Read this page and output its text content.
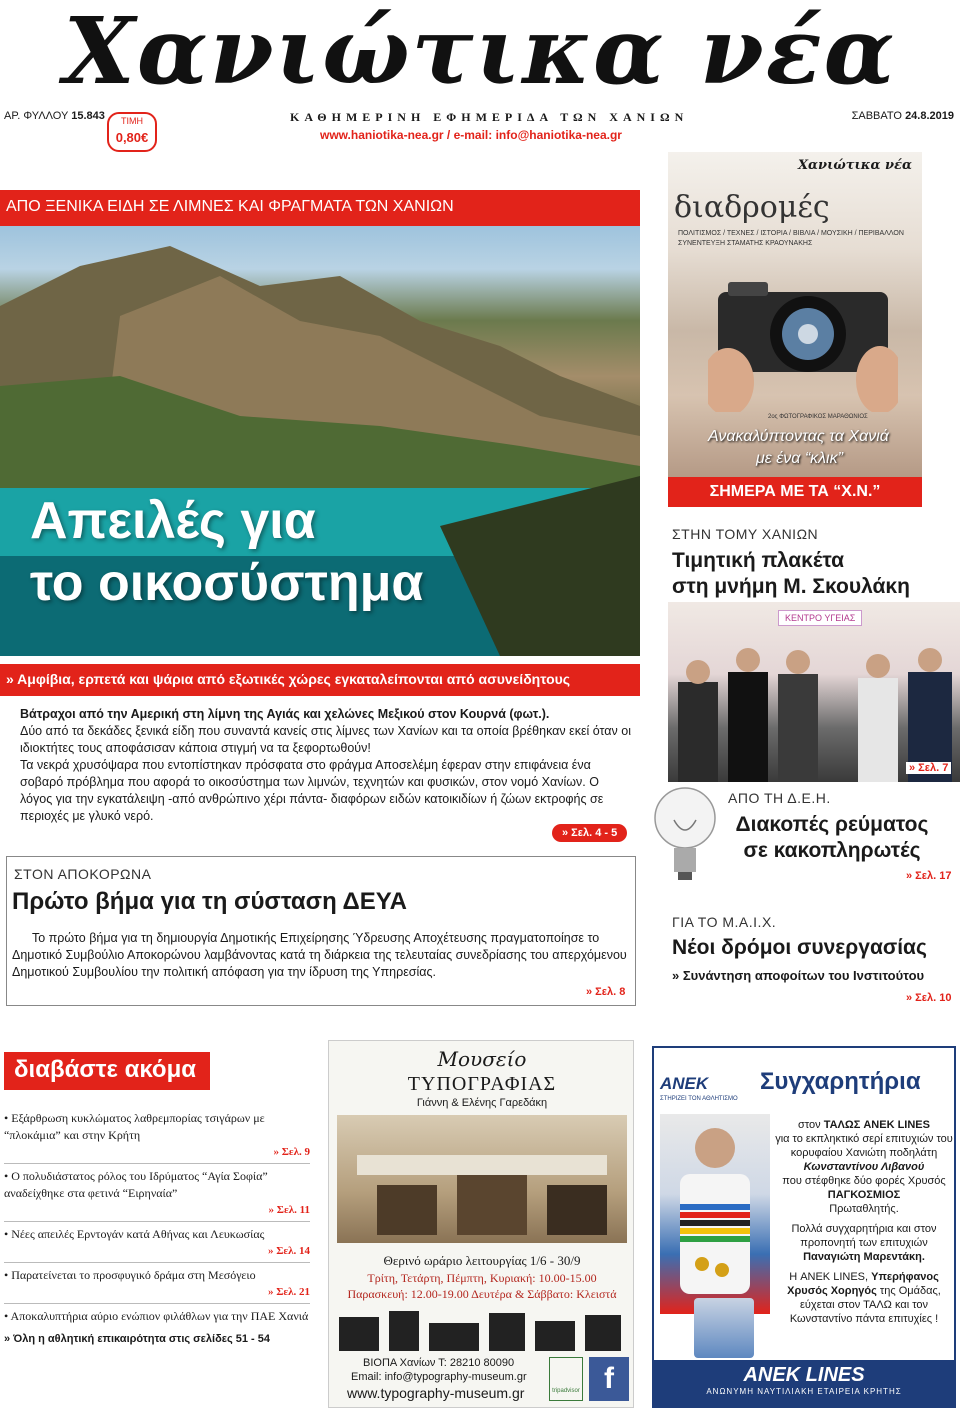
Χανιώτικα νέα
ΑΡ. ΦΥΛΛΟΥ 15.843	ΤΙΜΗ
0,80€
ΚΑΘΗΜΕΡΙΝΗ ΕΦΗΜΕΡΙΔΑ ΤΩΝ ΧΑΝΙΩΝ	ΣΑΒΒΑΤΟ 24.8.2019
www.haniotika-nea.gr / e-mail: info@haniotika-nea.gr
ΑΠΟ ΞΕΝΙΚΑ ΕΙΔΗ ΣΕ ΛΙΜΝΕΣ ΚΑΙ ΦΡΑΓΜΑΤΑ ΤΩΝ ΧΑΝΙΩΝ
Απειλές για
το οικοσύστημα
» Αμφίβια, ερπετά και ψάρια από εξωτικές χώρες εγκαταλείπονται από ασυνείδητους

Βάτραχοι από την Αμερική στη λίμνη της Αγιάς και χελώνες Μεξικού στον Κουρνά (φωτ.).

Δύο από τα δεκάδες ξενικά είδη που συναντά κανείς στις λίμνες των Χανίων και τα οποία βρέθηκαν εκεί όταν οι ιδιοκτήτες τους αποφάσισαν κάποια στιγμή να τα ξεφορτωθούν!

Τα νεκρά χρυσόψαρα που εντοπίστηκαν πρόσφατα στο φράγμα Αποσελέμη έφεραν στην επιφάνεια ένα σοβαρό πρόβλημα που αφορά το οικοσύστημα των λιμνών, τεχνητών και φυσικών, στον νομό Χανίων. Ο λόγος για την εγκατάλειψη -από ανθρώπινο χέρι πάντα- διαφόρων ειδών κατοικιδίων ή ζώων εκτροφής σε περιοχές με γλυκό νερό.

» Σελ. 4 - 5
ΣΤΟΝ ΑΠΟΚΟΡΩΝΑ
Πρώτο βήμα για τη σύσταση ΔΕΥΑ
Το πρώτο βήμα για τη δημιουργία Δημοτικής Επιχείρησης Ύδρευσης Αποχέτευσης πραγματοποίησε το Δημοτικό Συμβούλιο Αποκορώνου λαμβάνοντας κατά τη διάρκεια της τελευταίας συνεδρίασης του απερχόμενου Δημοτικού Συμβουλίου την πολιτική απόφαση για την ίδρυση της Υπηρεσίας.
» Σελ. 8
Χανιώτικα νέα
διαδρομές
ΠΟΛΙΤΙΣΜΟΣ / ΤΕΧΝΕΣ / ΙΣΤΟΡΙΑ / ΒΙΒΛΙΑ / ΜΟΥΣΙΚΗ / ΠΕΡΙΒΑΛΛΟΝ
ΣΥΝΕΝΤΕΥΞΗ ΣΤΑΜΑΤΗΣ ΚΡΑΟΥΝΑΚΗΣ
2ος ΦΩΤΟΓΡΑΦΙΚΟΣ ΜΑΡΑΘΩΝΙΟΣ
Ανακαλύπτοντας τα Χανιά
με ένα “κλικ”
ΣΗΜΕΡΑ ΜΕ ΤΑ “Χ.Ν.”
ΣΤΗΝ ΤΟΜΥ ΧΑΝΙΩΝ
Τιμητική πλακέτα
στη μνήμη Μ. Σκουλάκη
ΚΕΝΤΡΟ ΥΓΕΙΑΣ
» Σελ. 7
ΑΠΟ ΤΗ Δ.Ε.Η.
Διακοπές ρεύματος
σε κακοπληρωτές
» Σελ. 17
ΓΙΑ ΤΟ Μ.Α.Ι.Χ.
Νέοι δρόμοι συνεργασίας
» Συνάντηση αποφοίτων του Ινστιτούτου
» Σελ. 10
διαβάστε ακόμα
• Εξάρθρωση κυκλώματος λαθρεμπορίας τσιγάρων με “πλοκάμια” και στην Κρήτη
» Σελ. 9
• Ο πολυδιάστατος ρόλος του Ιδρύματος “Αγία Σοφία” αναδείχθηκε στα φετινά “Ειρηναία”
» Σελ. 11
• Νέες απειλές Ερντογάν κατά Αθήνας και Λευκωσίας
» Σελ. 14
• Παρατείνεται το προσφυγικό δράμα στη Μεσόγειο
» Σελ. 21
• Αποκαλυπτήρια αύριο ενώπιον φιλάθλων για την ΠΑΕ Χανιά
» Όλη η αθλητική επικαιρότητα στις σελίδες 51 - 54
Μουσείο
ΤΥΠΟΓΡΑΦΙΑΣ
Γιάννη & Ελένης Γαρεδάκη
Θερινό ωράριο λειτουργίας 1/6 - 30/9
Τρίτη, Τετάρτη, Πέμπτη, Κυριακή: 10.00-15.00
Παρασκευή: 12.00-19.00 Δευτέρα & Σάββατο: Κλειστά
ΒΙΟΠΑ Χανίων Τ: 28210 80090
Email: info@typography-museum.gr
www.typography-museum.gr	tripadvisor f
ANEK
ΣΤΗΡΙΖΕΙ ΤΟΝ ΑΘΛΗΤΙΣΜΟ
Συγχαρητήρια
στον ΤΑΛΩΣ ANEK LINES
για το εκπληκτικό σερί επιτυχιών του κορυφαίου Χανιώτη ποδηλάτη
Κωνσταντίνου Λιβανού
που στέφθηκε δύο φορές Χρυσός ΠΑΓΚΟΣΜΙΟΣ
Πρωταθλητής.
Πολλά συγχαρητήρια και στον προπονητή των επιτυχιών
Παναγιώτη Μαρεντάκη.
Η ANEK LINES, Υπερήφανος Χρυσός Χορηγός της Ομάδας, εύχεται στον ΤΑΛΩ και τον Κωνσταντίνο πάντα επιτυχίες !
ANEK LINES
ΑΝΩΝΥΜΗ ΝΑΥΤΙΛΙΑΚΗ ΕΤΑΙΡΕΙΑ ΚΡΗΤΗΣ
